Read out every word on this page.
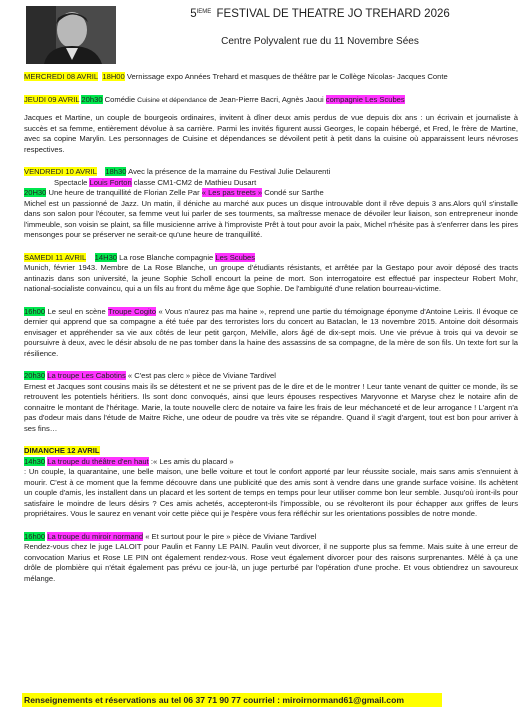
5IEME FESTIVAL DE THEATRE JO TREHARD 2026
Centre Polyvalent rue du 11 Novembre Sées
MERCREDI 08 AVRIL 18H00 Vernissage expo Années Trehard et masques de théâtre par le Collège Nicolas- Jacques Conte
JEUDI 09 AVRIL 20h30 Comédie Cuisine et dépendance de Jean-Pierre Bacri, Agnès Jaoui compagnie Les Scubes

Jacques et Martine, un couple de bourgeois ordinaires, invitent à dîner deux amis perdus de vue depuis dix ans : un écrivain et journaliste à succès et sa femme, entièrement dévolue à sa carrière. Parmi les invités figurent aussi Georges, le copain hébergé, et Fred, le frère de Martine, avec sa copine Marylin. Les personnages de Cuisine et dépendances se dévoilent petit à petit dans la cuisine où apparaissent leurs névroses respectives.

VENDREDI 10 AVRIL 18h30 Avec la présence de la marraine du Festival Julie Delaurenti
Spectacle Louis Forton classe CM1-CM2 de Mathieu Dusart
20H30 Une heure de tranquillité de Florian Zelle Par « Les pas treets » Condé sur Sarthe

Michel est un passionné de Jazz. Un matin, il déniche au marché aux puces un disque introuvable dont il rêve depuis 3 ans.Alors qu'il s'installe dans son salon pour l'écouter, sa femme veut lui parler de ses tourments, sa maîtresse menace de dévoiler leur liaison, son entrepreneur inonde l'immeuble, son voisin se plaint, sa fille musicienne arrive à l'improviste Prêt à tout pour avoir la paix, Michel n'hésite pas à s'enferrer dans les pires mensonges pour se préserver ne serait-ce qu'une heure de tranquillité.

SAMEDI 11 AVRIL 14H30 La rose Blanche compagnie Les Scubes

Munich, février 1943. Membre de La Rose Blanche, un groupe d'étudiants résistants, et arrêtée par la Gestapo pour avoir déposé des tracts antinazis dans son université, la jeune Sophie Scholl encourt la peine de mort. Son interrogatoire est effectué par inspecteur Robert Mohr, national-socialiste convaincu, qui a un fils au front du même âge que Sophie. De l'ambiguïté d'une relation bourreau-victime.

16h00 Le seul en scène Troupe Cogito « Vous n'aurez pas ma haine », reprend une partie du témoignage éponyme d'Antoine Leiris. Il évoque ce dernier qui apprend que sa compagne a été tuée par des terroristes lors du concert au Bataclan, le 13 novembre 2015. Antoine doit désormais envisager et appréhender sa vie aux côtés de leur petit garçon, Melville, alors âgé de dix-sept mois. Une vie prévue à trois qui va devoir se poursuivre à deux, avec le désir absolu de ne pas tomber dans la haine des assassins de sa compagne, de la mère de son fils. Un texte fort sur la résilience.

20h30 La troupe Les Cabotins « C'est pas clerc » pièce de Viviane Tardivel

Ernest et Jacques sont cousins mais ils se détestent et ne se privent pas de le dire et de le montrer ! Leur tante venant de quitter ce monde, ils se retrouvent les potentiels héritiers. Ils sont donc convoqués, ainsi que leurs épouses respectives Maryvonne et Maryse chez le notaire afin de connaitre le montant de l'héritage. Marie, la toute nouvelle clerc de notaire va faire les frais de leur méchanceté et de leur arrogance ! L'argent n'a pas d'odeur mais dans l'étude de Maitre Riche, une odeur de poudre va très vite se répandre. Quand il s'agit d'argent, tout est bon pour arriver à ses fins…

DIMANCHE 12 AVRIL
14h30 La troupe du théâtre d'en haut :« Les amis du placard »

: Un couple, la quarantaine, une belle maison, une belle voiture et tout le confort apporté par leur réussite sociale, mais sans amis s'ennuient à mourir. C'est à ce moment que la femme découvre dans une publicité que des amis sont à vendre dans une grande surface voisine. Ils achètent un couple d'amis, les installent dans un placard et les sortent de temps en temps pour leur utiliser comme bon leur semble. Jusqu'où iront-ils pour satisfaire le moindre de leurs désirs ? Ces amis achetés, accepteront-ils l'impossible, ou se révolteront ils pour échapper aux griffes de leurs propriétaires. Vous le saurez en venant voir cette pièce qui je l'espère vous fera réfléchir sur les orientations possibles de notre monde.

16h00 La troupe du miroir normand « Et surtout pour le pire » pièce de Viviane Tardivel

Rendez-vous chez le juge LALOIT pour Paulin et Fanny LE PAIN. Paulin veut divorcer, il ne supporte plus sa femme. Mais suite à une erreur de convocation Marius et Rose LE PIN ont également rendez-vous. Rose veut également divorcer pour des raisons surprenantes. Mêlé à ça une drôle de plombière qui n'était également pas prévu ce jour-là, un juge perturbé par l'opération d'une proche. Et vous obtiendrez un savoureux mélange.

Renseignements et réservations au tel 06 37 71 90 77 courriel : miroirnormand61@gmail.com
